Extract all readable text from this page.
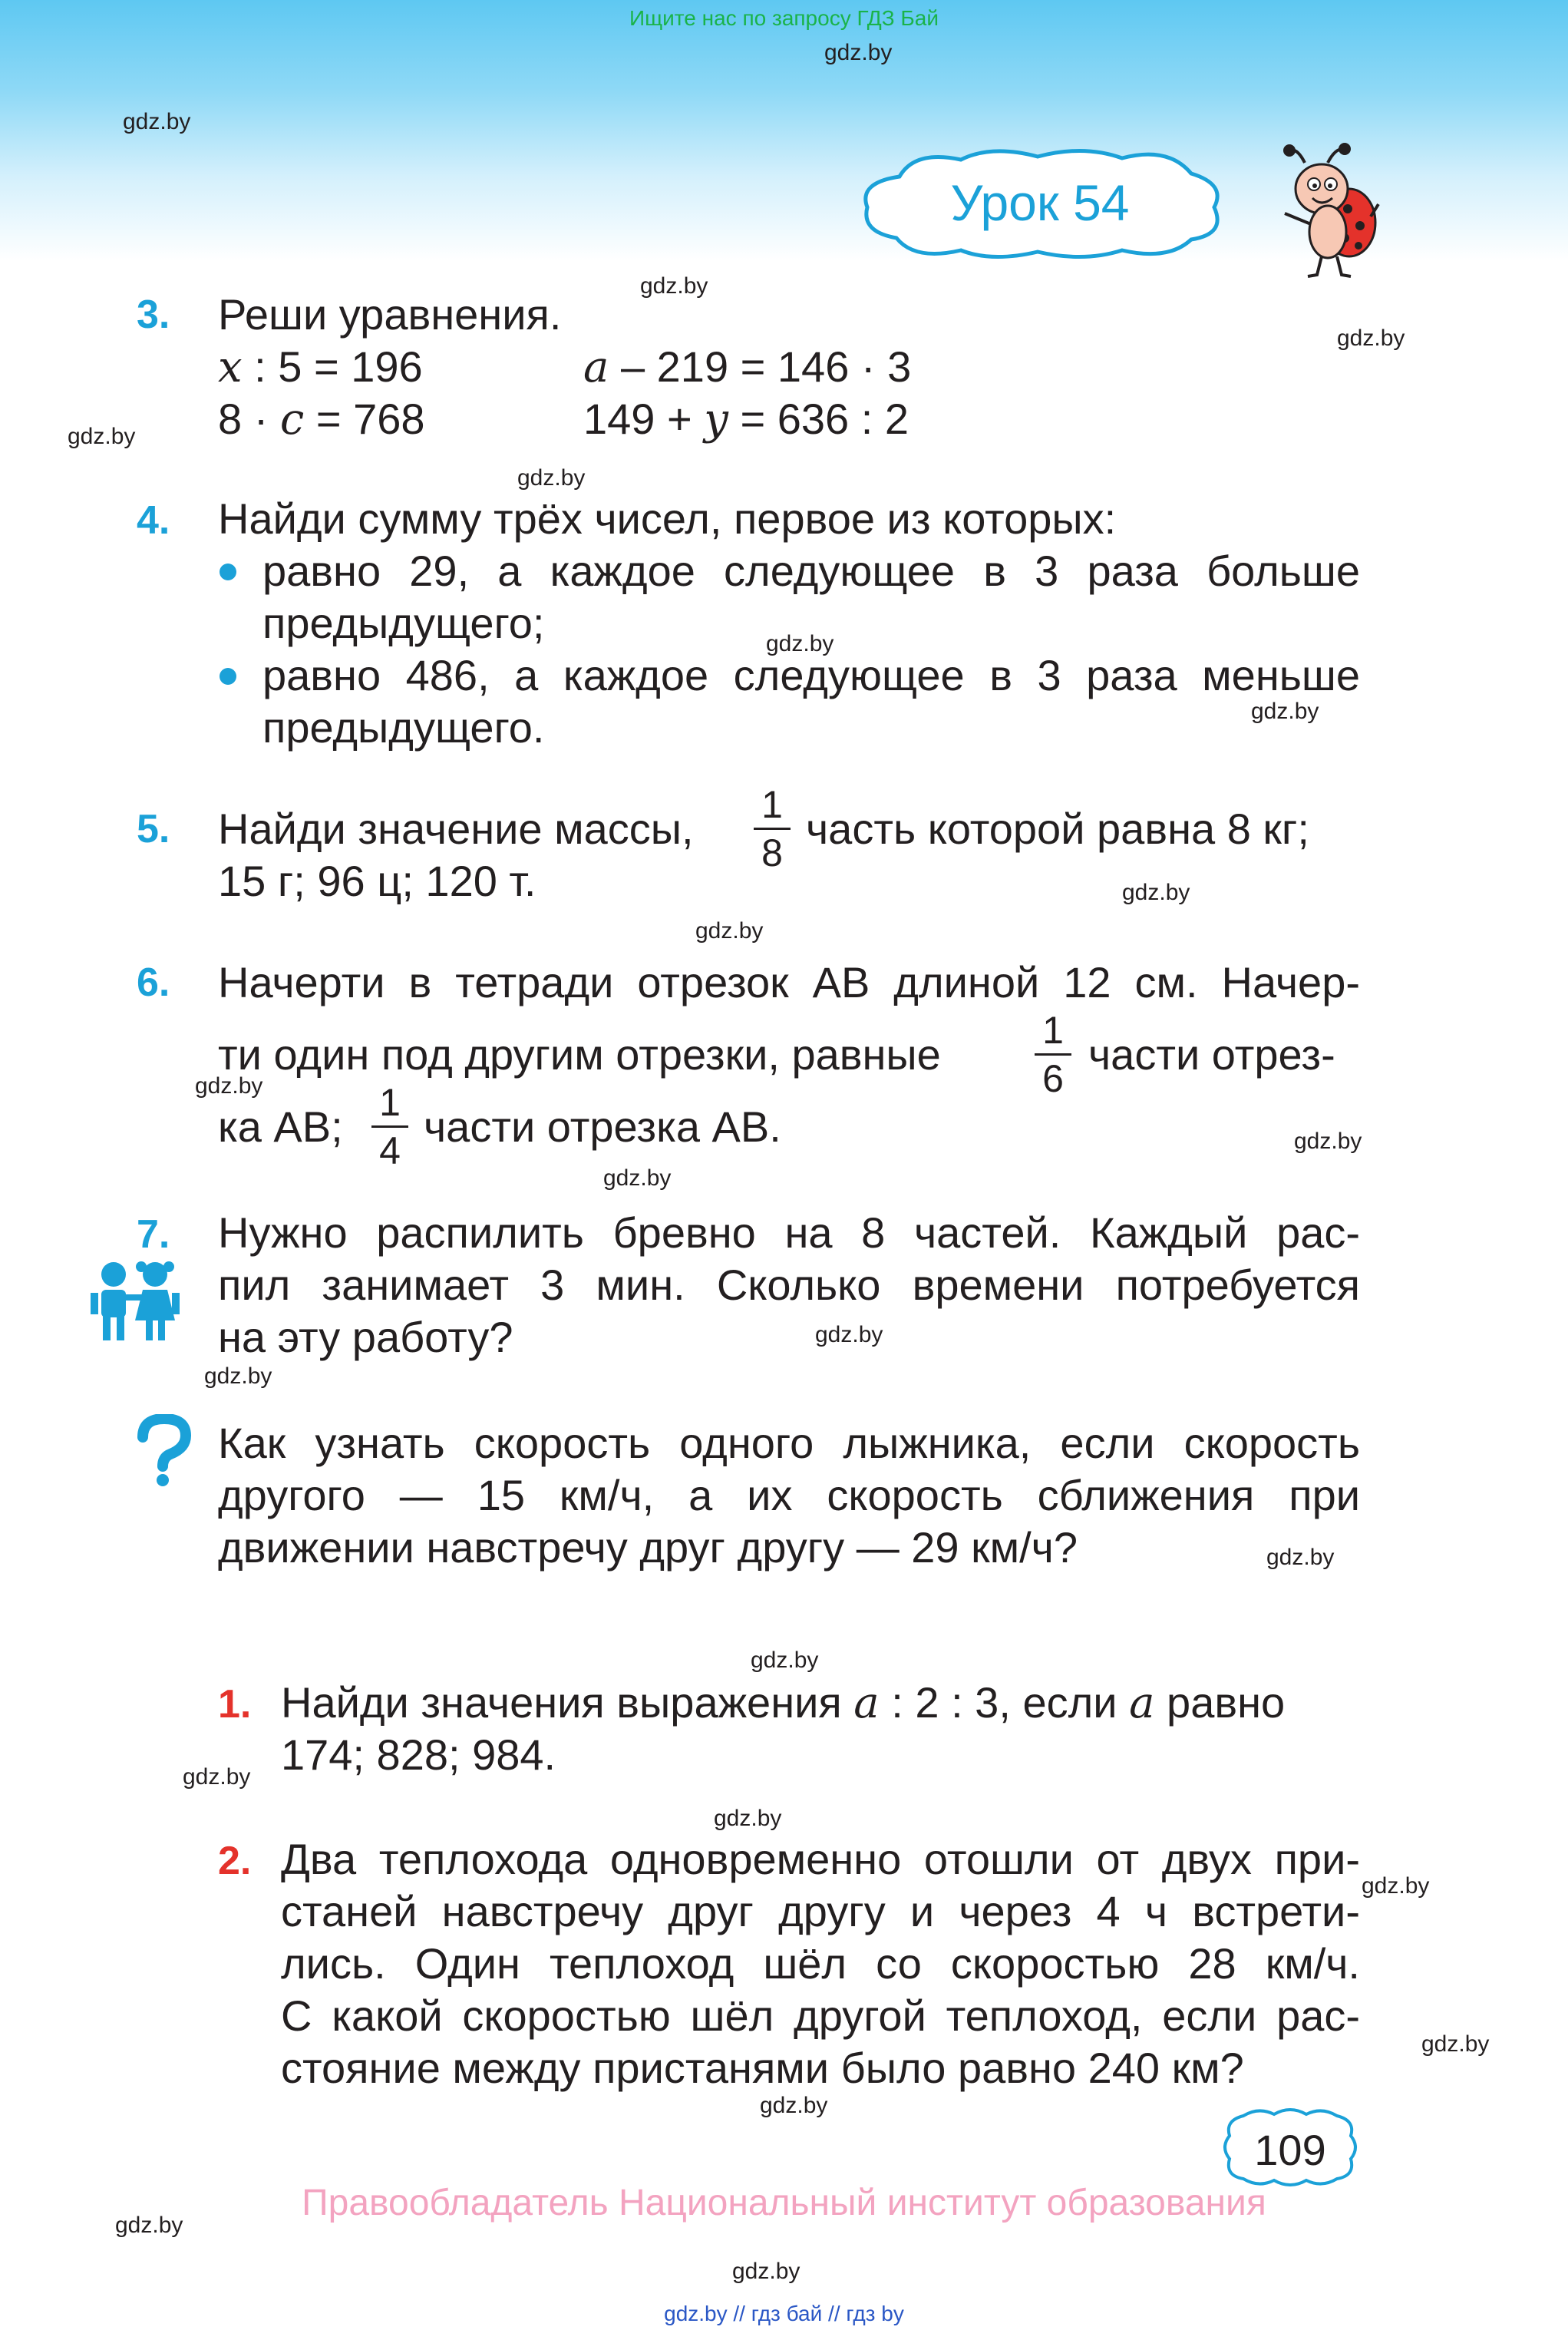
Ищите нас по запросу ГДЗ Бай
Урок 54
3. Реши уравнения.
x : 5 = 196	a – 219 = 146 · 3
8 · c = 768	149 + y = 636 : 2
4. Найди сумму трёх чисел, первое из которых:
равно 29, а каждое следующее в 3 раза больше
предыдущего;
равно 486, а каждое следующее в 3 раза меньше
предыдущего.
5. Найди значение массы,	1
8 часть которой равна 8 кг;
15 г; 96 ц; 120 т.
6. Начерти в тетради отрезок AB длиной 12 см. Начер-
ти один под другим отрезки, равные	1
6 части отрез-
ка AB; 1
4 части отрезка AB.
7. Нужно распилить бревно на 8 частей. Каждый рас-
пил занимает 3 мин. Сколько времени потребуется
на эту работу?
Как узнать скорость одного лыжника, если скорость
другого — 15 км/ч, а их скорость сближения при
движении навстречу друг другу — 29 км/ч?
1. Найди значения выражения a : 2 : 3, если a равно
174; 828; 984.
2. Два теплохода одновременно отошли от двух при-
станей навстречу друг другу и через 4 ч встрети-
лись. Один теплоход шёл со скоростью 28 км/ч.
С какой скоростью шёл другой теплоход, если рас-
стояние между пристанями было равно 240 км?
109
Правообладатель Национальный институт образования
gdz.by // гдз бай // гдз by
gdz.by
gdz.by
gdz.by
gdz.by
gdz.by
gdz.by
gdz.by
gdz.by
gdz.by
gdz.by
gdz.by
gdz.by
gdz.by
gdz.by
gdz.by
gdz.by
gdz.by
gdz.by
gdz.by
gdz.by
gdz.by
gdz.by
gdz.by
gdz.by
